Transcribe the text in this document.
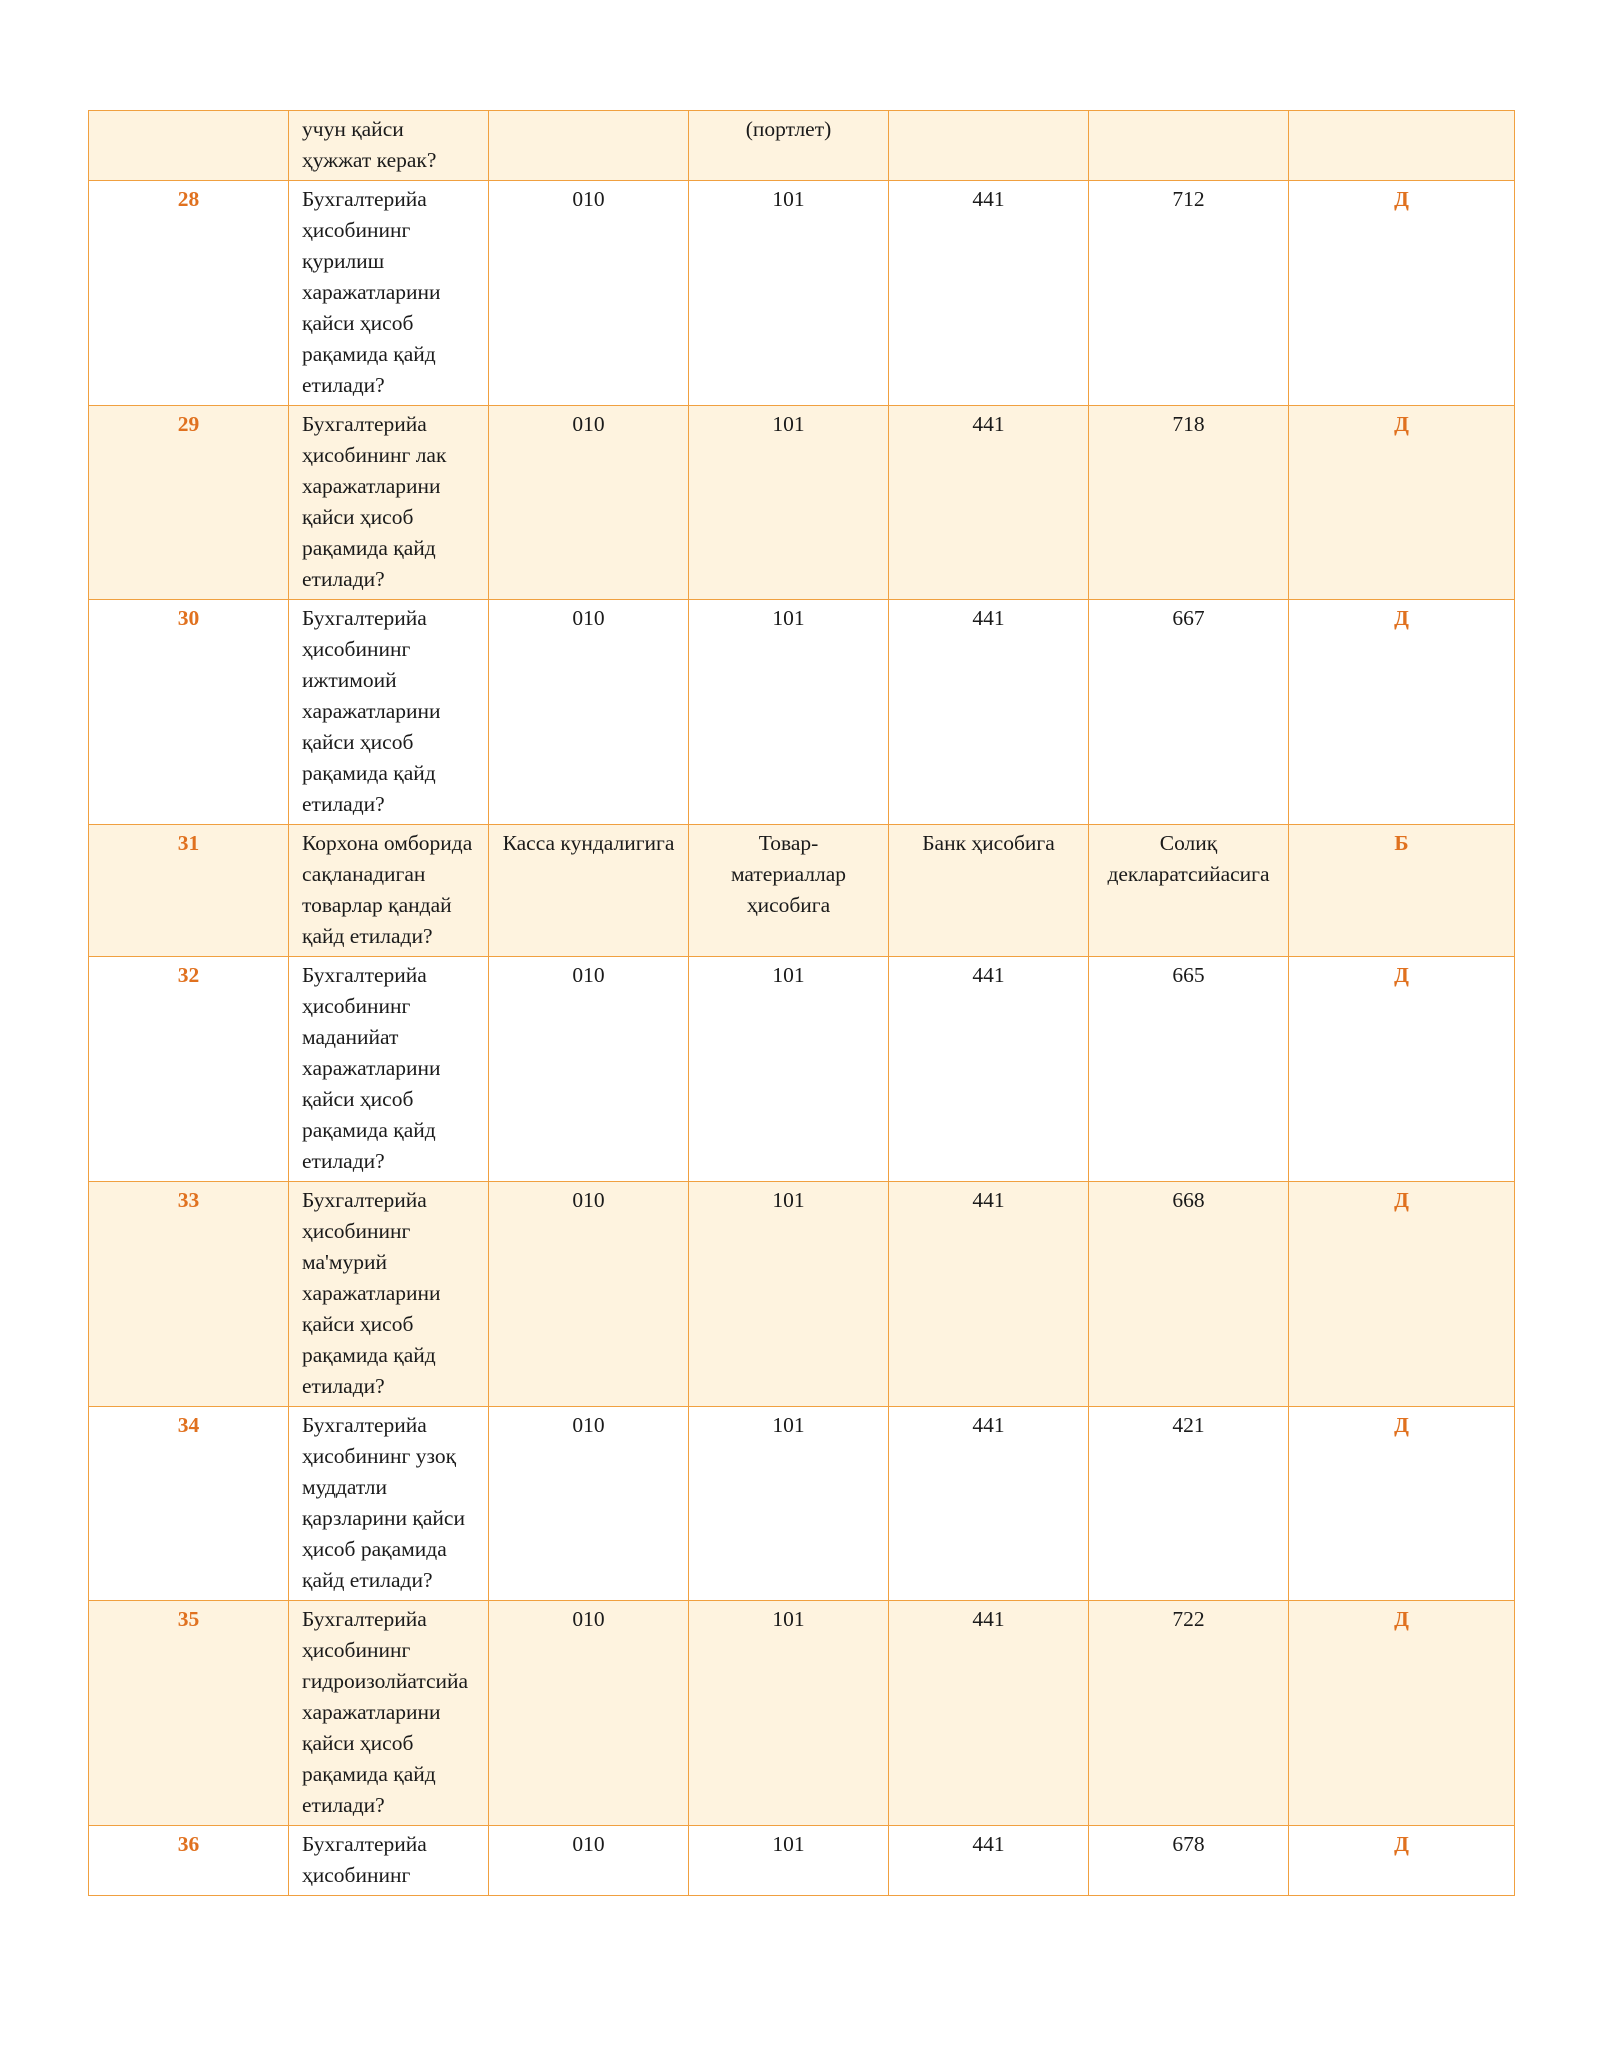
	учун қайси ҳужжат керак?		(портлет)			
28	Бухгалтерийа ҳисобининг қурилиш харажатларини қайси ҳисоб рақамида қайд етилади?	010	101	441	712	Д
29	Бухгалтерийа ҳисобининг лак харажатларини қайси ҳисоб рақамида қайд етилади?	010	101	441	718	Д
30	Бухгалтерийа ҳисобининг ижтимоий харажатларини қайси ҳисоб рақамида қайд етилади?	010	101	441	667	Д
31	Корхона омборида сақланадиган товарлар қандай қайд етилади?	Касса кундалигига	Товар-материаллар ҳисобига	Банк ҳисобига	Солиқ декларатсийасига	Б
32	Бухгалтерийа ҳисобининг маданийат харажатларини қайси ҳисоб рақамида қайд етилади?	010	101	441	665	Д
33	Бухгалтерийа ҳисобининг ма'мурий харажатларини қайси ҳисоб рақамида қайд етилади?	010	101	441	668	Д
34	Бухгалтерийа ҳисобининг узоқ муддатли қарзларини қайси ҳисоб рақамида қайд етилади?	010	101	441	421	Д
35	Бухгалтерийа ҳисобининг гидроизолйатсийа харажатларини қайси ҳисоб рақамида қайд етилади?	010	101	441	722	Д
36	Бухгалтерийа ҳисобининг	010	101	441	678	Д
